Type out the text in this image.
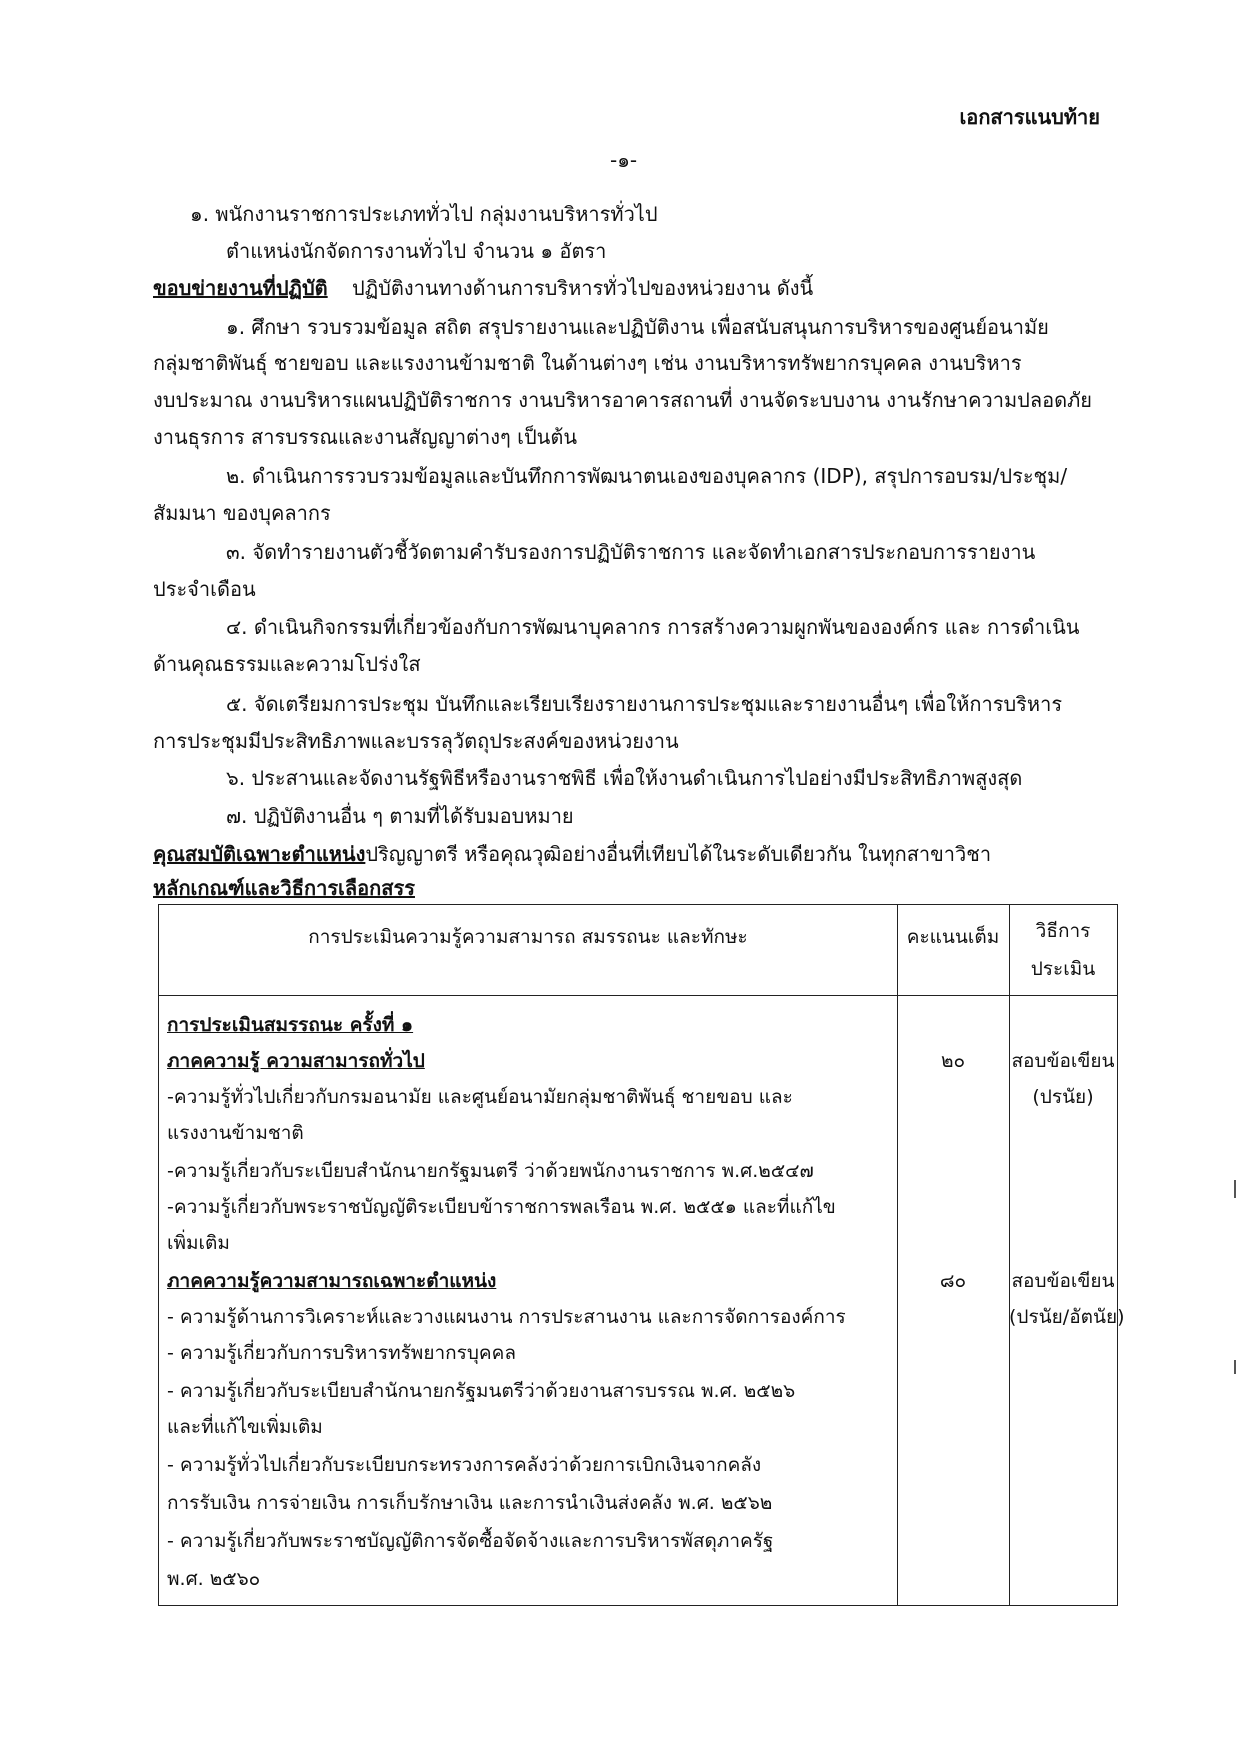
เอกสารแนบท้าย
-๑-
๑. พนักงานราชการประเภททั่วไป กลุ่มงานบริหารทั่วไป
ตำแหน่งนักจัดการงานทั่วไป จำนวน ๑ อัตรา
ขอบข่ายงานที่ปฏิบัติ ปฏิบัติงานทางด้านการบริหารทั่วไปของหน่วยงาน ดังนี้
๑. ศึกษา รวบรวมข้อมูล สถิต สรุปรายงานและปฏิบัติงาน เพื่อสนับสนุนการบริหารของศูนย์อนามัย
กลุ่มชาติพันธุ์ ชายขอบ และแรงงานข้ามชาติ ในด้านต่างๆ เช่น งานบริหารทรัพยากรบุคคล งานบริหาร
งบประมาณ งานบริหารแผนปฏิบัติราชการ งานบริหารอาคารสถานที่ งานจัดระบบงาน งานรักษาความปลอดภัย
งานธุรการ สารบรรณและงานสัญญาต่างๆ เป็นต้น
๒. ดำเนินการรวบรวมข้อมูลและบันทึกการพัฒนาตนเองของบุคลากร (IDP), สรุปการอบรม/ประชุม/
สัมมนา ของบุคลากร
๓. จัดทำรายงานตัวชี้วัดตามคำรับรองการปฏิบัติราชการ และจัดทำเอกสารประกอบการรายงาน
ประจำเดือน
๔. ดำเนินกิจกรรมที่เกี่ยวข้องกับการพัฒนาบุคลากร การสร้างความผูกพันขององค์กร และ การดำเนิน
ด้านคุณธรรมและความโปร่งใส
๕. จัดเตรียมการประชุม บันทึกและเรียบเรียงรายงานการประชุมและรายงานอื่นๆ เพื่อให้การบริหาร
การประชุมมีประสิทธิภาพและบรรลุวัตถุประสงค์ของหน่วยงาน
๖. ประสานและจัดงานรัฐพิธีหรืองานราชพิธี เพื่อให้งานดำเนินการไปอย่างมีประสิทธิภาพสูงสุด
๗. ปฏิบัติงานอื่น ๆ ตามที่ได้รับมอบหมาย
คุณสมบัติเฉพาะตำแหน่งปริญญาตรี หรือคุณวุฒิอย่างอื่นที่เทียบได้ในระดับเดียวกัน ในทุกสาขาวิชา
หลักเกณฑ์และวิธีการเลือกสรร
การประเมินความรู้ความสามารถ สมรรถนะ และทักษะ	คะแนนเต็ม	วิธีการ
ประเมิน
การประเมินสมรรถนะ ครั้งที่ ๑
ภาคความรู้ ความสามารถทั่วไป
-ความรู้ทั่วไปเกี่ยวกับกรมอนามัย และศูนย์อนามัยกลุ่มชาติพันธุ์ ชายขอบ และ
แรงงานข้ามชาติ
-ความรู้เกี่ยวกับระเบียบสำนักนายกรัฐมนตรี ว่าด้วยพนักงานราชการ พ.ศ.๒๕๔๗
-ความรู้เกี่ยวกับพระราชบัญญัติระเบียบข้าราชการพลเรือน พ.ศ. ๒๕๕๑ และที่แก้ไข
เพิ่มเติม
๒๐	สอบข้อเขียน
(ปรนัย)
ภาคความรู้ความสามารถเฉพาะตำแหน่ง
- ความรู้ด้านการวิเคราะห์และวางแผนงาน การประสานงาน และการจัดการองค์การ
- ความรู้เกี่ยวกับการบริหารทรัพยากรบุคคล
- ความรู้เกี่ยวกับระเบียบสำนักนายกรัฐมนตรีว่าด้วยงานสารบรรณ พ.ศ. ๒๕๒๖
และที่แก้ไขเพิ่มเติม
- ความรู้ทั่วไปเกี่ยวกับระเบียบกระทรวงการคลังว่าด้วยการเบิกเงินจากคลัง
การรับเงิน การจ่ายเงิน การเก็บรักษาเงิน และการนำเงินส่งคลัง พ.ศ. ๒๕๖๒
- ความรู้เกี่ยวกับพระราชบัญญัติการจัดซื้อจัดจ้างและการบริหารพัสดุภาครัฐ
พ.ศ. ๒๕๖๐
๘๐	สอบข้อเขียน
(ปรนัย/อัตนัย)
